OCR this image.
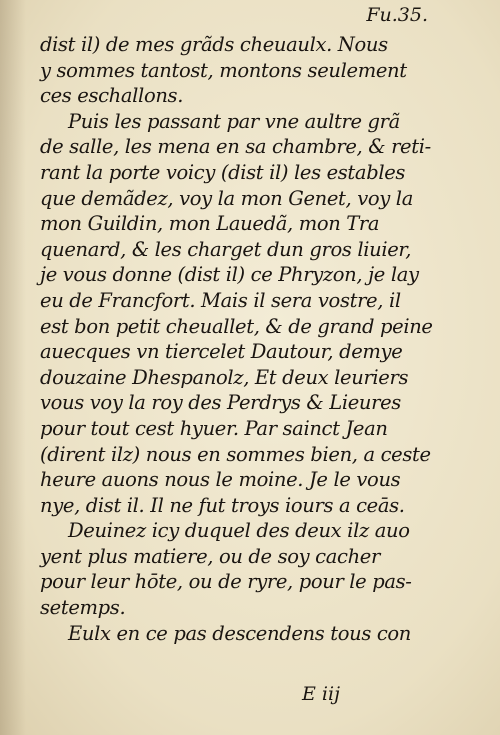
Fu.35.
dist il) de mes grãds cheuaulx. Nous
y sommes tantost, montons seulement
ces eschallons.
Puis les passant par vne aultre grã
de salle, les mena en sa chambre, & reti-
rant la porte voicy (dist il) les estables
que demãdez, voy la mon Genet, voy la
mon Guildin, mon Lauedã, mon Tra
quenard, & les charget dun gros liuier,
je vous donne (dist il) ce Phryzon, je lay
eu de Francfort. Mais il sera vostre, il
est bon petit cheuallet, & de grand peine
auecques vn tiercelet Dautour, demye
douzaine Dhespanolz, Et deux leuriers
vous voy la roy des Perdrys & Lieures
pour tout cest hyuer. Par sainct Jean
(dirent ilz) nous en sommes bien, a ceste
heure auons nous le moine. Je le vous
nye, dist il. Il ne fut troys iours a ceās.
Deuinez icy duquel des deux ilz auo
yent plus matiere, ou de soy cacher
pour leur hōte, ou de ryre, pour le pas-
setemps.
Eulx en ce pas descendens tous con
E iij
